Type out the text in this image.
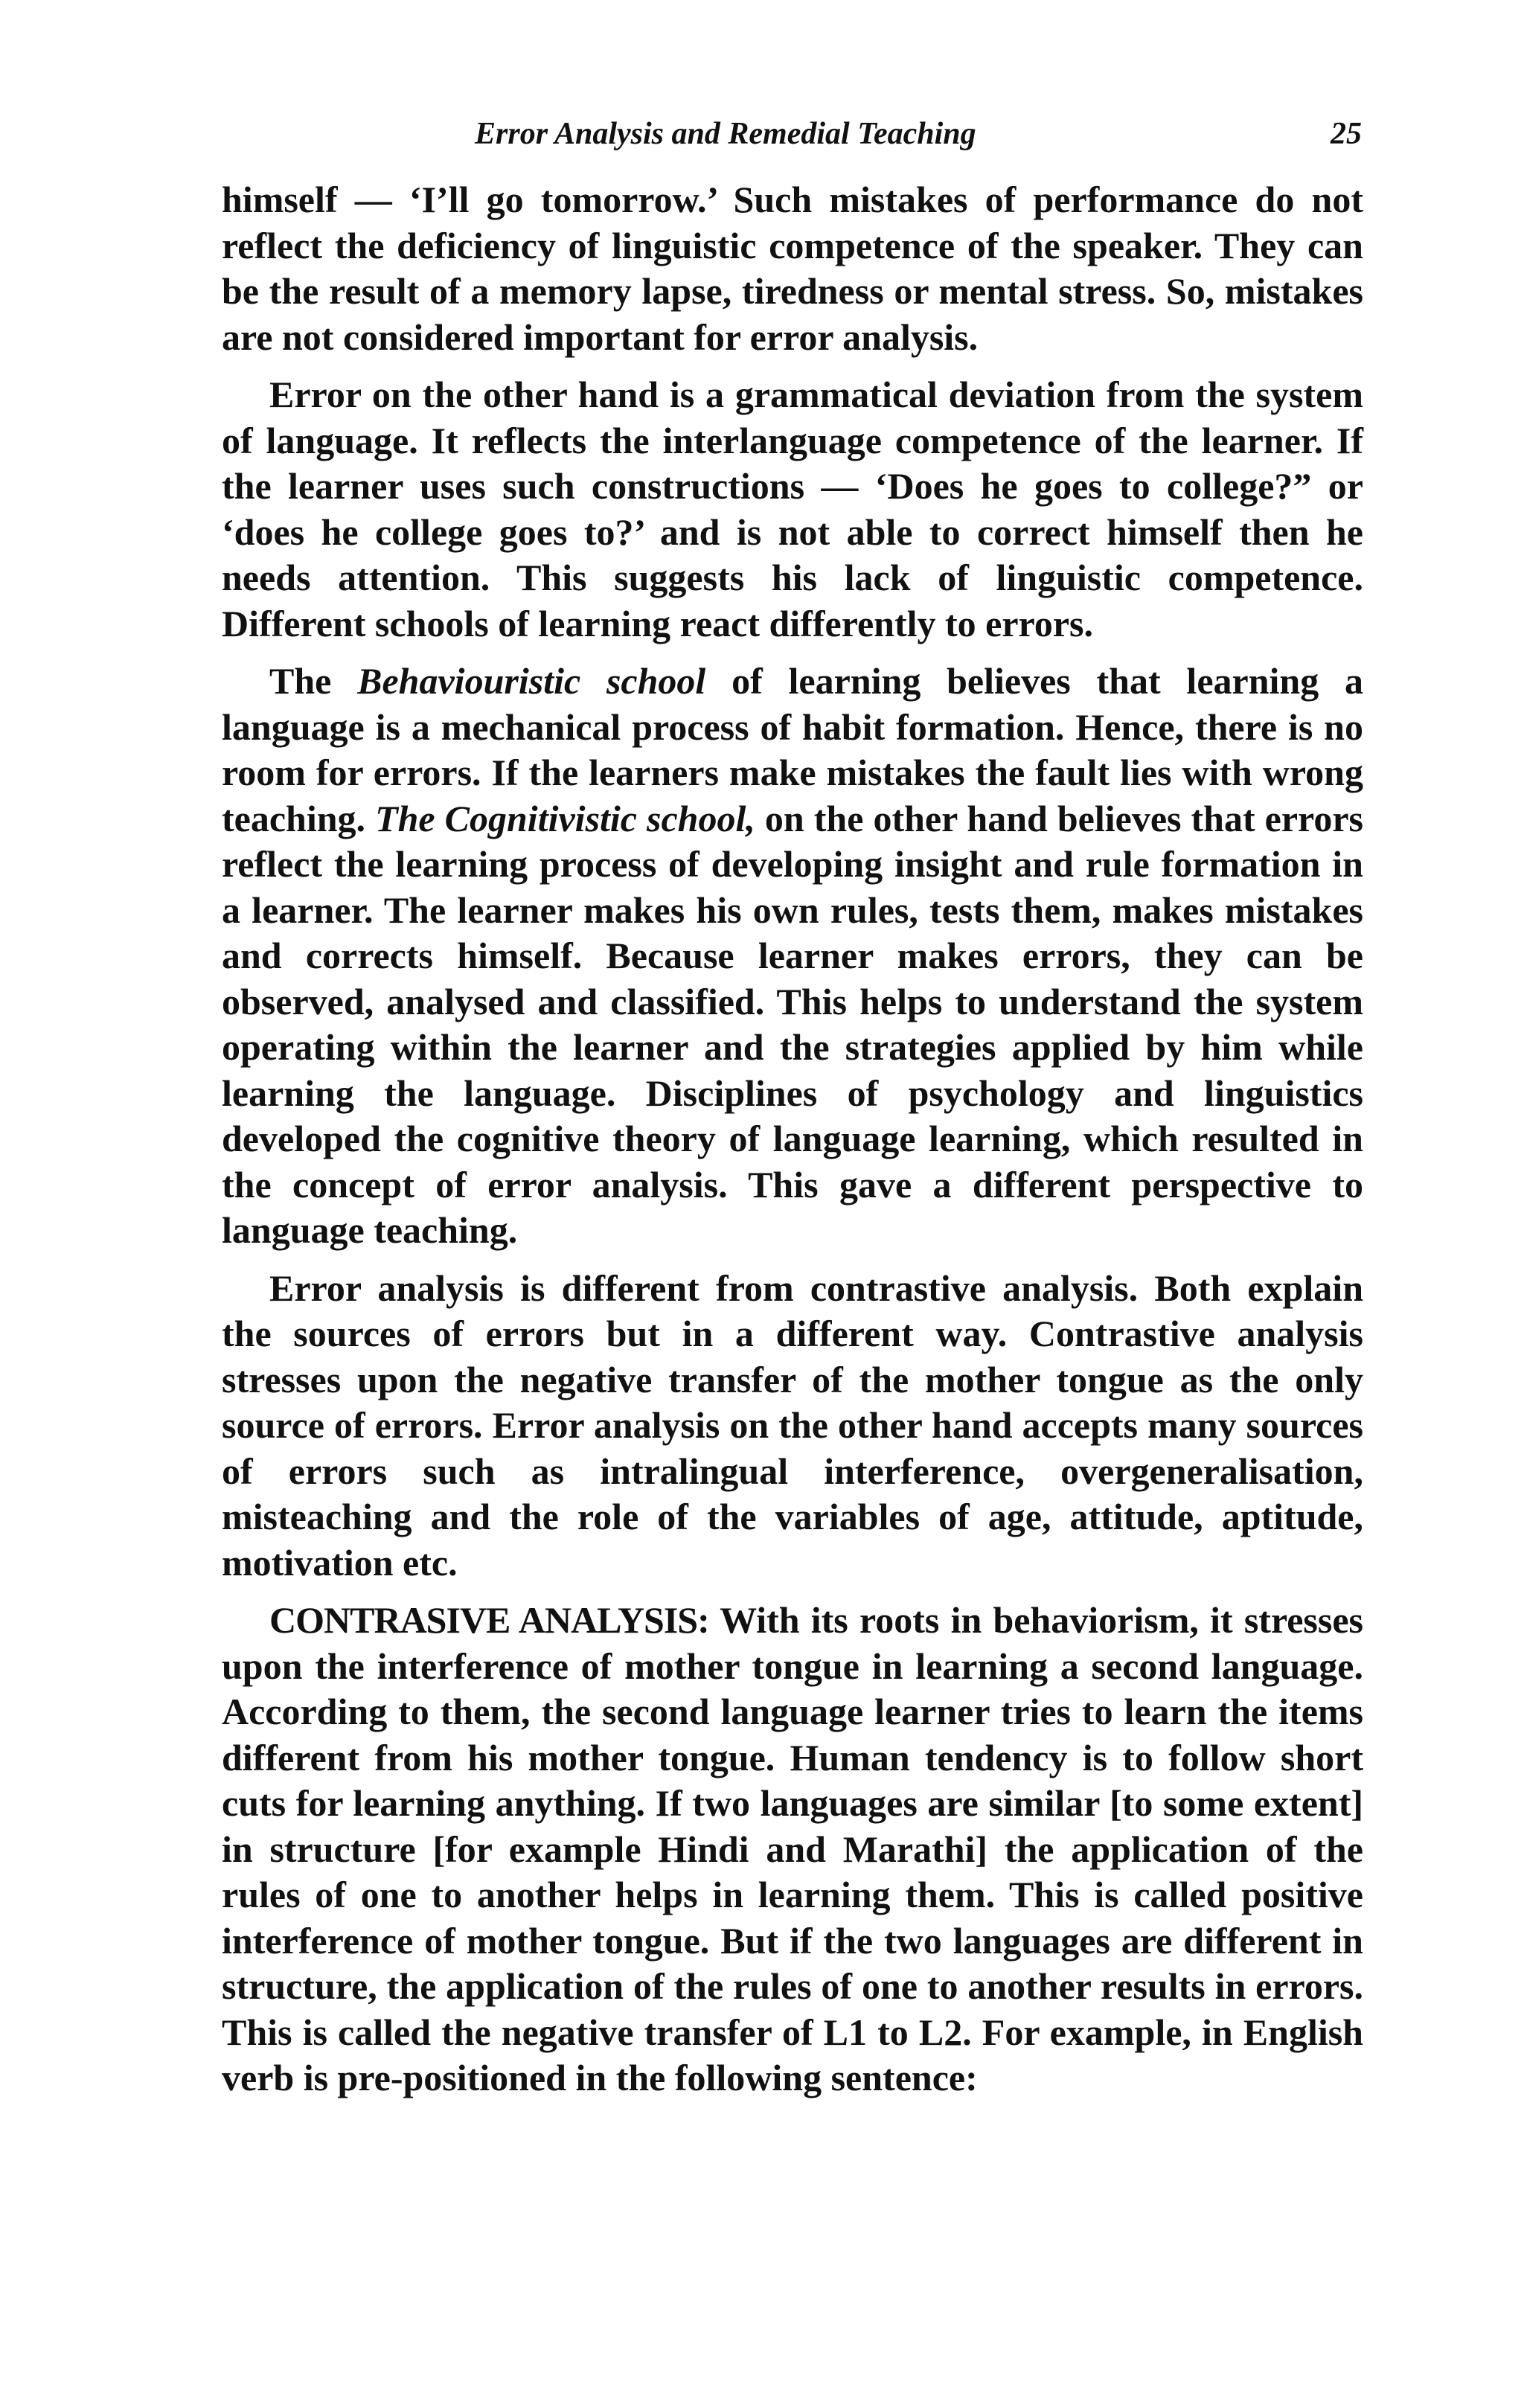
Error Analysis and Remedial Teaching	25

himself — ‘I’ll go tomorrow.’ Such mistakes of performance do not reflect the deficiency of linguistic competence of the speaker. They can be the result of a memory lapse, tiredness or mental stress. So, mistakes are not considered important for error analysis.

Error on the other hand is a grammatical deviation from the system of language. It reflects the interlanguage competence of the learner. If the learner uses such constructions — ‘Does he goes to college?” or ‘does he college goes to?’ and is not able to correct himself then he needs attention. This suggests his lack of linguistic competence. Different schools of learning react differently to errors.

The Behaviouristic school of learning believes that learning a language is a mechanical process of habit formation. Hence, there is no room for errors. If the learners make mistakes the fault lies with wrong teaching. The Cognitivistic school, on the other hand believes that errors reflect the learning process of developing insight and rule formation in a learner. The learner makes his own rules, tests them, makes mistakes and corrects himself. Because learner makes errors, they can be observed, analysed and classified. This helps to understand the system operating within the learner and the strategies applied by him while learning the language. Disciplines of psychology and linguistics developed the cognitive theory of language learning, which resulted in the concept of error analysis. This gave a different perspective to language teaching.

Error analysis is different from contrastive analysis. Both explain the sources of errors but in a different way. Contrastive analysis stresses upon the negative transfer of the mother tongue as the only source of errors. Error analysis on the other hand accepts many sources of errors such as intralingual interference, overgeneralisation, misteaching and the role of the variables of age, attitude, aptitude, motivation etc.

CONTRASIVE ANALYSIS: With its roots in behaviorism, it stresses upon the interference of mother tongue in learning a second language. According to them, the second language learner tries to learn the items different from his mother tongue. Human tendency is to follow short cuts for learning anything. If two languages are similar [to some extent] in structure [for example Hindi and Marathi] the application of the rules of one to another helps in learning them. This is called positive interference of mother tongue. But if the two languages are different in structure, the application of the rules of one to another results in errors. This is called the negative transfer of L1 to L2. For example, in English verb is pre-positioned in the following sentence:
